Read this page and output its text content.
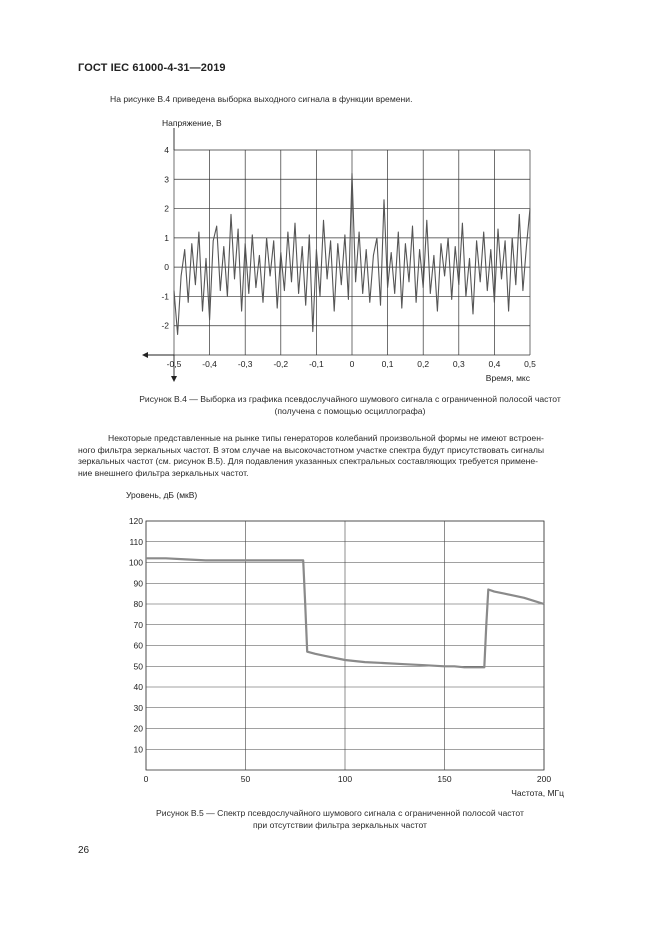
ГОСТ IEC 61000-4-31—2019
На рисунке В.4 приведена выборка выходного сигнала в функции времени.
-0,5 -0,4 -0,3 -0,2 -0,1	0	0,1	0,2	0,3	0,4	0,5
4
3
2
1
0
-1
-2
Напряжение, В
Время, мкс
Рисунок В.4 — Выборка из графика псевдослучайного шумового сигнала с ограниченной полосой частот
(получена с помощью осциллографа)
Некоторые представленные на рынке типы генераторов колебаний произвольной формы не имеют встроен-
ного фильтра зеркальных частот. В этом случае на высокочастотном участке спектра будут присутствовать сигналы
зеркальных частот (см. рисунок В.5). Для подавления указанных спектральных составляющих требуется примене-
ние внешнего фильтра зеркальных частот.
0	50	100	150	200
120
110
100
90
80
70
60
50
40
30
20
10
Уровень, дБ (мкВ)
Частота, МГц
Рисунок В.5 — Спектр псевдослучайного шумового сигнала с ограниченной полосой частот
при отсутствии фильтра зеркальных частот
26
